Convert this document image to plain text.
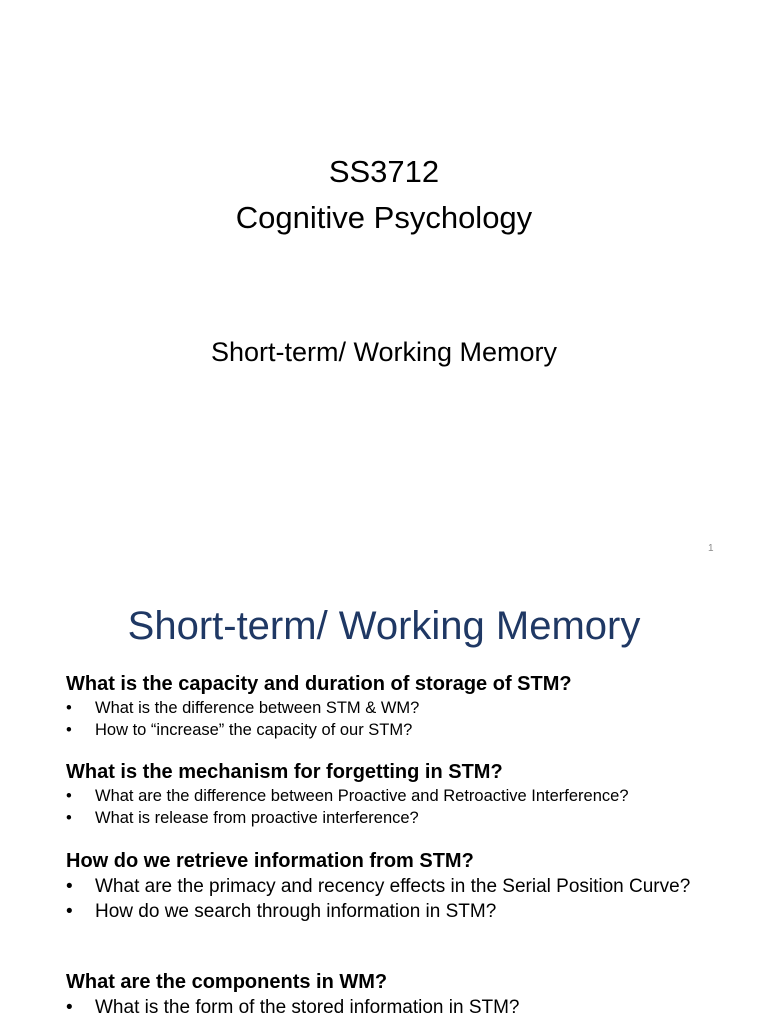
SS3712
Cognitive Psychology
Short-term/ Working Memory
1
Short-term/ Working Memory
What is the capacity and duration of storage of STM?
• What is the difference between STM & WM?
• How to “increase” the capacity of our STM?
What is the mechanism for forgetting in STM?
• What are the difference between Proactive and Retroactive Interference?
• What is release from proactive interference?
How do we retrieve information from STM?
• What are the primacy and recency effects in the Serial Position Curve?
• How do we search through information in STM?
What are the components in WM?
• What is the form of the stored information in STM?
